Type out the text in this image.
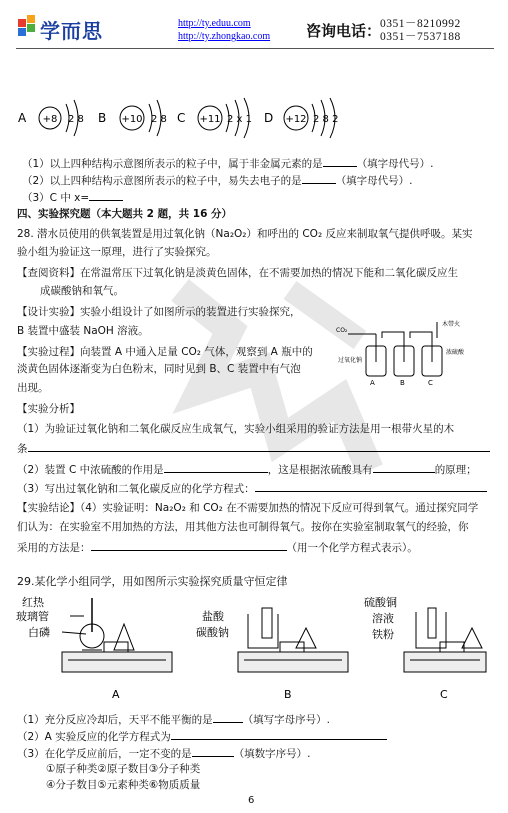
学而思	http://ty.eduu.com
http://ty.zhongkao.com 咨询电话：
0351－8210992
0351－7537188
A +8 2 8 B +10 2 8 C +11 2 x 1 D +12 2 8 2
（1）以上四种结构示意图所表示的粒子中，属于非金属元素的是	（填字母代号）.
（2）以上四种结构示意图所表示的粒子中，易失去电子的是	（填字母代号）.
（3）C 中 x=
四、实验探究题（本大题共 2 题，共 16 分）
28. 潜水员使用的供氧装置是用过氧化钠（Na₂O₂）和呼出的 CO₂ 反应来制取氧气提供呼吸。某实
验小组为验证这一原理，进行了实验探究。
【查阅资料】在常温常压下过氧化钠是淡黄色固体，在不需要加热的情况下能和二氧化碳反应生
成碳酸钠和氧气。
【设计实验】实验小组设计了如图所示的装置进行实验探究，
B 装置中盛装 NaOH 溶液。
【实验过程】向装置 A 中通入足量 CO₂ 气体，观察到 A 瓶中的
淡黄色固体逐渐变为白色粉末，同时见到 B、C 装置中有气泡
出现。
CO₂
过氧化钠
木带火
浓硫酸
A	B	C
【实验分析】
（1）为验证过氧化钠和二氧化碳反应生成氧气，实验小组采用的验证方法是用一根带火星的木
条
（2）装置 C 中浓硫酸的作用是	，这是根据浓硫酸具有	的原理；
（3）写出过氧化钠和二氧化碳反应的化学方程式：
【实验结论】（4）实验证明：Na₂O₂ 和 CO₂ 在不需要加热的情况下反应可得到氧气。通过探究同学
们认为：在实验室不用加热的方法，用其他方法也可制得氧气。按你在实验室制取氧气的经验，你
采用的方法是：	（用一个化学方程式表示）。
29.某化学小组同学，用如图所示实验探究质量守恒定律
红热
玻璃管
白磷
盐酸
碳酸钠
硫酸铜
溶液
铁粉
A	B	C
（1）充分反应冷却后，天平不能平衡的是	（填写字母序号）.
（2）A 实验反应的化学方程式为
（3）在化学反应前后，一定不变的是	（填数字序号）.
①原子种类②原子数目③分子种类
④分子数目⑤元素种类⑥物质质量
6
